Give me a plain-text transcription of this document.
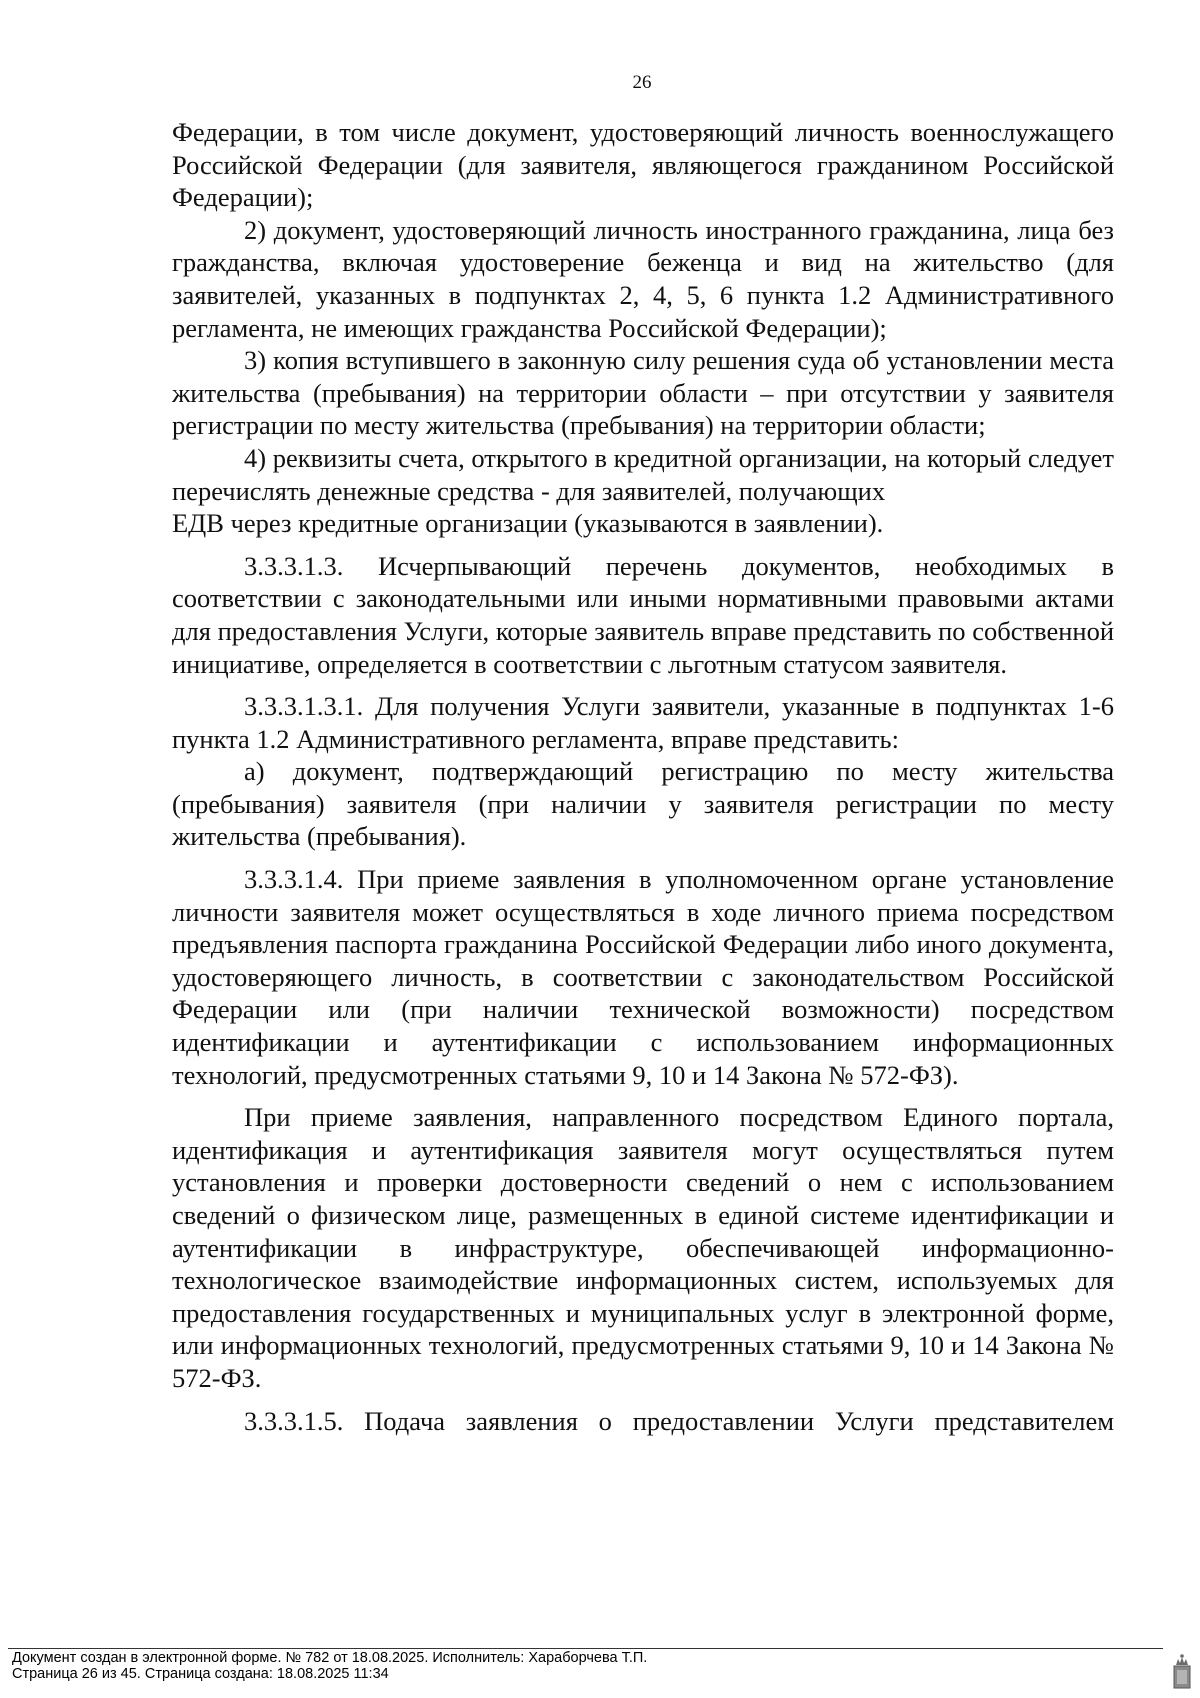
26

Федерации, в том числе документ, удостоверяющий личность военнослужащего Российской Федерации (для заявителя, являющегося гражданином Российской Федерации);

2) документ, удостоверяющий личность иностранного гражданина, лица без гражданства, включая удостоверение беженца и вид на жительство (для заявителей, указанных в подпунктах 2, 4, 5, 6 пункта 1.2 Административного регламента, не имеющих гражданства Российской Федерации);

3) копия вступившего в законную силу решения суда об установлении места жительства (пребывания) на территории области – при отсутствии у заявителя регистрации по месту жительства (пребывания) на территории области;

4) реквизиты счета, открытого в кредитной организации, на который следует перечислять денежные средства - для заявителей, получающих

ЕДВ через кредитные организации (указываются в заявлении).

3.3.3.1.3. Исчерпывающий перечень документов, необходимых в соответствии с законодательными или иными нормативными правовыми актами для предоставления Услуги, которые заявитель вправе представить по собственной инициативе, определяется в соответствии с льготным статусом заявителя.

3.3.3.1.3.1. Для получения Услуги заявители, указанные в подпунктах 1-6 пункта 1.2 Административного регламента, вправе представить:

а) документ, подтверждающий регистрацию по месту жительства (пребывания) заявителя (при наличии у заявителя регистрации по месту жительства (пребывания).

3.3.3.1.4. При приеме заявления в уполномоченном органе установление личности заявителя может осуществляться в ходе личного приема посредством предъявления паспорта гражданина Российской Федерации либо иного документа, удостоверяющего личность, в соответствии с законодательством Российской Федерации или (при наличии технической возможности) посредством идентификации и аутентификации с использованием информационных технологий, предусмотренных статьями 9, 10 и 14 Закона № 572-ФЗ).

При приеме заявления, направленного посредством Единого портала, идентификация и аутентификация заявителя могут осуществляться путем установления и проверки достоверности сведений о нем с использованием сведений о физическом лице, размещенных в единой системе идентификации и аутентификации в инфраструктуре, обеспечивающей информационно-технологическое взаимодействие информационных систем, используемых для предоставления государственных и муниципальных услуг в электронной форме, или информационных технологий, предусмотренных статьями 9, 10 и 14 Закона № 572-ФЗ.

3.3.3.1.5. Подача заявления о предоставлении Услуги представителем

Документ создан в электронной форме. № 782 от 18.08.2025. Исполнитель: Хараборчева Т.П.
Страница 26 из 45. Страница создана: 18.08.2025 11:34
